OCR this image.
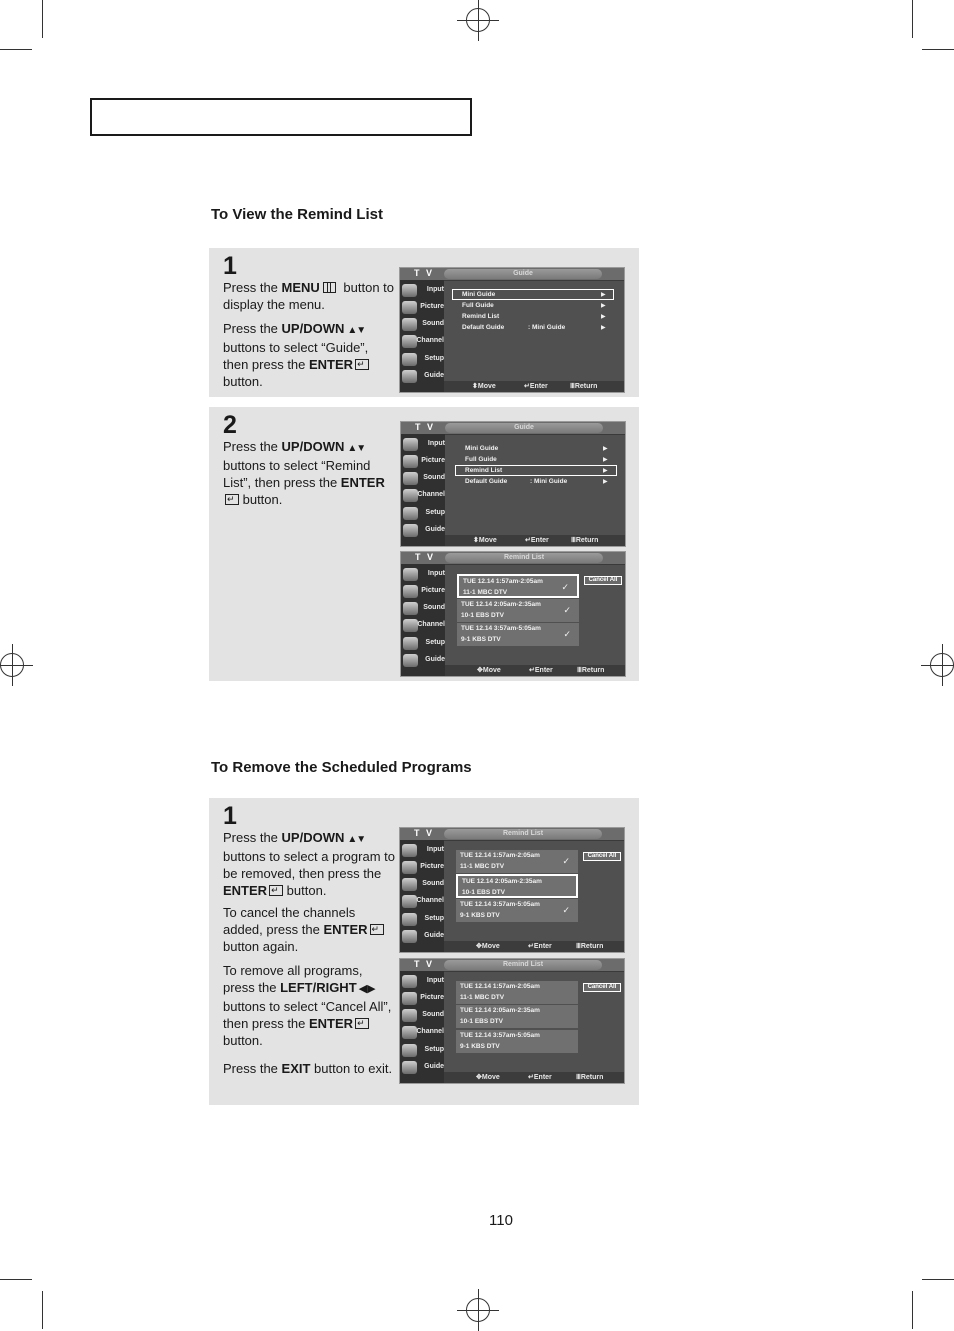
To View the Remind List
1
Press the MENU button to display the menu.
Press the UP/DOWN ▲▼ buttons to select “Guide”, then press the ENTER↵ button.
T V	Guide
Input
Picture
Sound
Channel
Setup
Guide
Mini Guide
Full Guide
Remind List
Default Guide	: Mini Guide
▶
▶
▶
▶
⬍ Move	↵ Enter	Ⅲ Return
2
Press the UP/DOWN ▲▼ buttons to select “Remind List”, then press the ENTER↵ button.
T V	Guide
Input
Picture
Sound
Channel
Setup
Guide
Mini Guide
Full Guide
Remind List
Default Guide	: Mini Guide
▶
▶
▶
▶
⬍ Move	↵ Enter	Ⅲ Return
T V	Remind List
Input
Picture
Sound
Channel
Setup
Guide
TUE 12.14 1:57am-2:05am
11-1 MBC DTV
✓
TUE 12.14 2:05am-2:35am
10-1 EBS DTV
✓
TUE 12.14 3:57am-5:05am
9-1 KBS DTV
✓
Cancel All
✥ Move	↵ Enter	Ⅲ Return
To Remove the Scheduled Programs
1
Press the UP/DOWN ▲▼ buttons to select a program to be removed, then press the ENTER↵ button.
To cancel the channels added, press the ENTER↵ button again.
To remove all programs, press the LEFT/RIGHT ◀▶ buttons to select “Cancel All”, then press the ENTER↵ button.
Press the EXIT button to exit.
T V	Remind List
Input
Picture
Sound
Channel
Setup
Guide
TUE 12.14 1:57am-2:05am
11-1 MBC DTV
✓
TUE 12.14 2:05am-2:35am
10-1 EBS DTV
TUE 12.14 3:57am-5:05am
9-1 KBS DTV
✓
Cancel All
✥ Move	↵ Enter	Ⅲ Return
T V	Remind List
Input
Picture
Sound
Channel
Setup
Guide
TUE 12.14 1:57am-2:05am
11-1 MBC DTV
TUE 12.14 2:05am-2:35am
10-1 EBS DTV
TUE 12.14 3:57am-5:05am
9-1 KBS DTV
Cancel All
✥ Move	↵ Enter	Ⅲ Return
110
